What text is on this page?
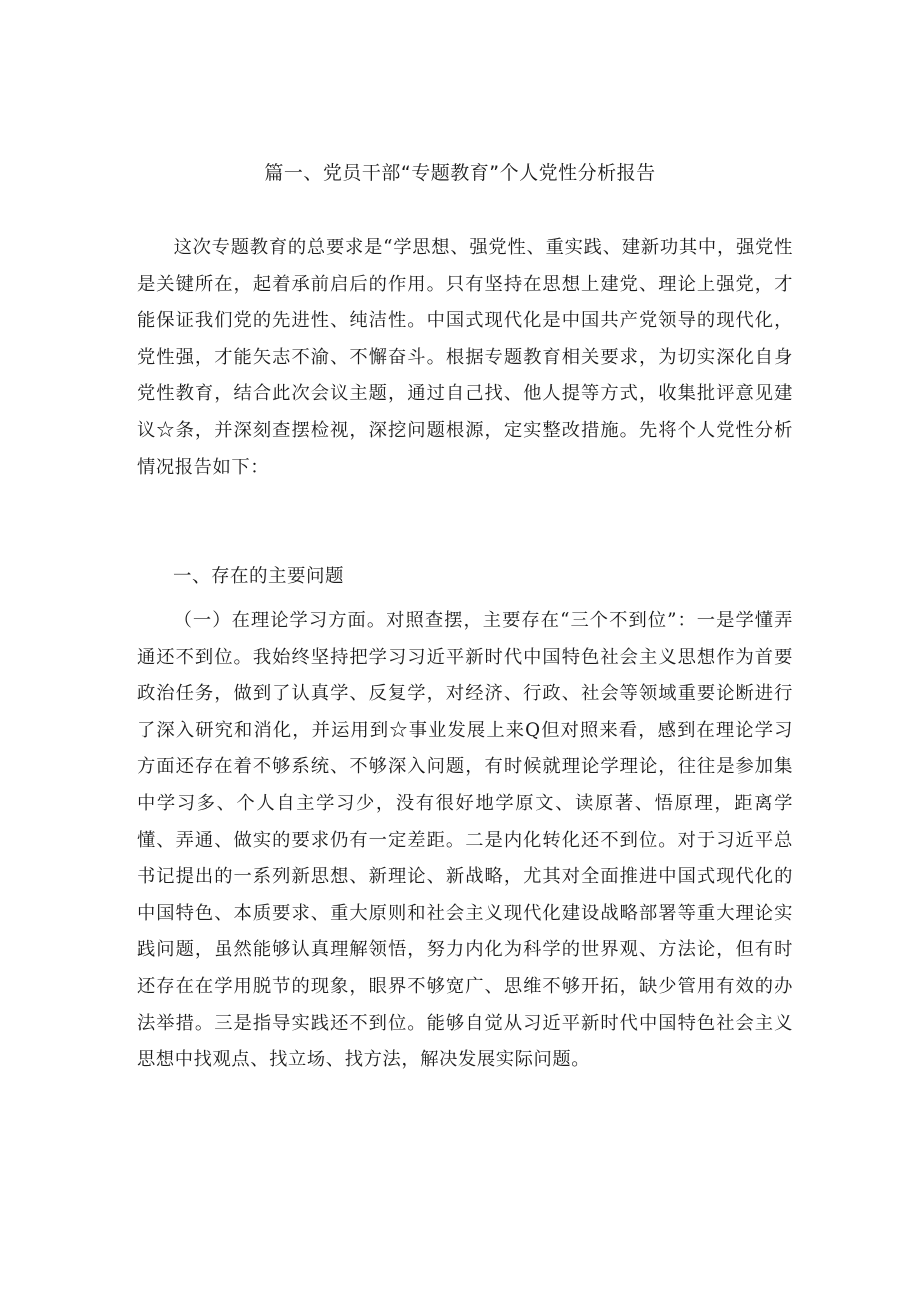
篇一、党员干部“专题教育”个人党性分析报告

这次专题教育的总要求是“学思想、强党性、重实践、建新功其中，强党性是关键所在，起着承前启后的作用。只有坚持在思想上建党、理论上强党，才能保证我们党的先进性、纯洁性。中国式现代化是中国共产党领导的现代化，党性强，才能矢志不渝、不懈奋斗。根据专题教育相关要求，为切实深化自身党性教育，结合此次会议主题，通过自己找、他人提等方式，收集批评意见建议☆条，并深刻查摆检视，深挖问题根源，定实整改措施。先将个人党性分析情况报告如下：

一、存在的主要问题

（一）在理论学习方面。对照查摆，主要存在“三个不到位”：一是学懂弄通还不到位。我始终坚持把学习习近平新时代中国特色社会主义思想作为首要政治任务，做到了认真学、反复学，对经济、行政、社会等领域重要论断进行了深入研究和消化，并运用到☆事业发展上来Q但对照来看，感到在理论学习方面还存在着不够系统、不够深入问题，有时候就理论学理论，往往是参加集中学习多、个人自主学习少，没有很好地学原文、读原著、悟原理，距离学懂、弄通、做实的要求仍有一定差距。二是内化转化还不到位。对于习近平总书记提出的一系列新思想、新理论、新战略，尤其对全面推进中国式现代化的中国特色、本质要求、重大原则和社会主义现代化建设战略部署等重大理论实践问题，虽然能够认真理解领悟，努力内化为科学的世界观、方法论，但有时还存在在学用脱节的现象，眼界不够宽广、思维不够开拓，缺少管用有效的办法举措。三是指导实践还不到位。能够自觉从习近平新时代中国特色社会主义思想中找观点、找立场、找方法，解决发展实际问题。
